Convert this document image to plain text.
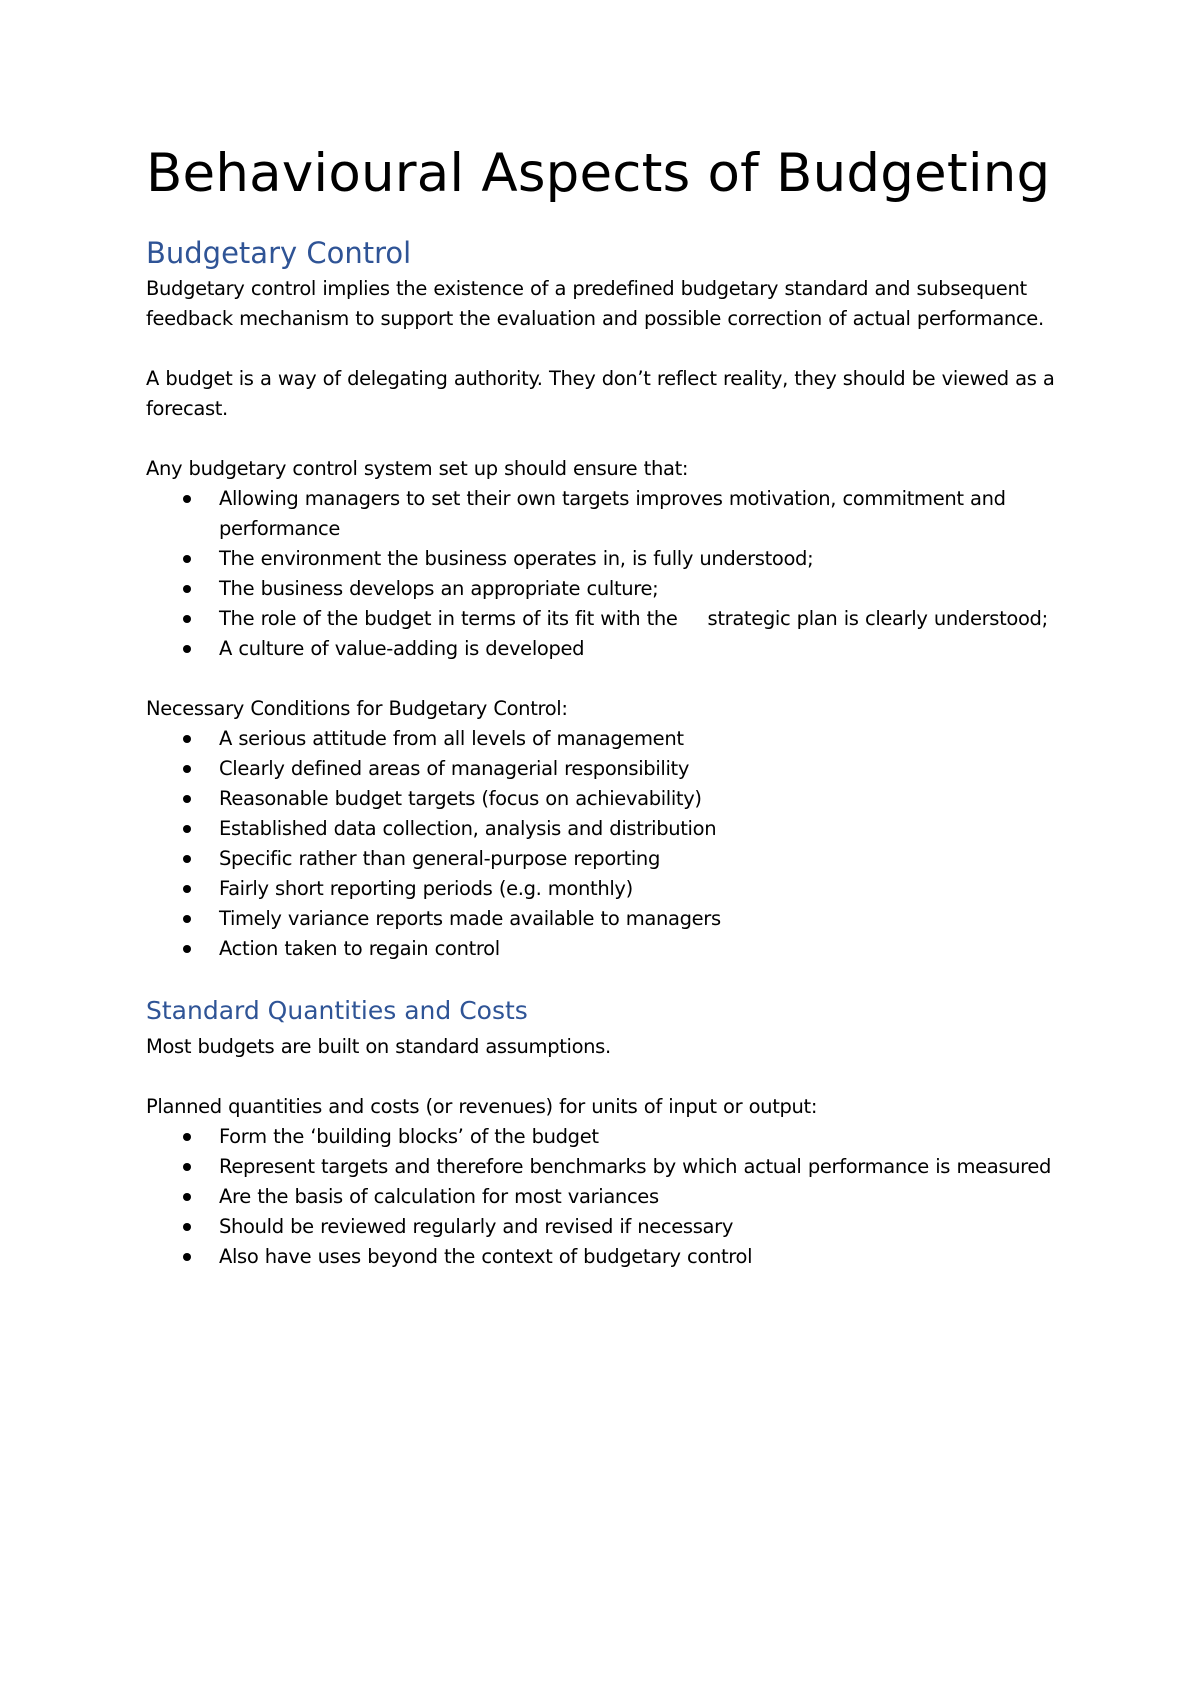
Behavioural Aspects of Budgeting
Budgetary Control

Budgetary control implies the existence of a predefined budgetary standard and subsequent feedback mechanism to support the evaluation and possible correction of actual performance.

A budget is a way of delegating authority. They don’t reflect reality, they should be viewed as a forecast.

Any budgetary control system set up should ensure that:

Allowing managers to set their own targets improves motivation, commitment and performance
The environment the business operates in, is fully understood;
The business develops an appropriate culture;
The role of the budget in terms of its fit with the strategic plan is clearly understood;
A culture of value-adding is developed

Necessary Conditions for Budgetary Control:

A serious attitude from all levels of management
Clearly defined areas of managerial responsibility
Reasonable budget targets (focus on achievability)
Established data collection, analysis and distribution
Specific rather than general-purpose reporting
Fairly short reporting periods (e.g. monthly)
Timely variance reports made available to managers
Action taken to regain control
Standard Quantities and Costs

Most budgets are built on standard assumptions.

Planned quantities and costs (or revenues) for units of input or output:

Form the ‘building blocks’ of the budget
Represent targets and therefore benchmarks by which actual performance is measured
Are the basis of calculation for most variances
Should be reviewed regularly and revised if necessary
Also have uses beyond the context of budgetary control
